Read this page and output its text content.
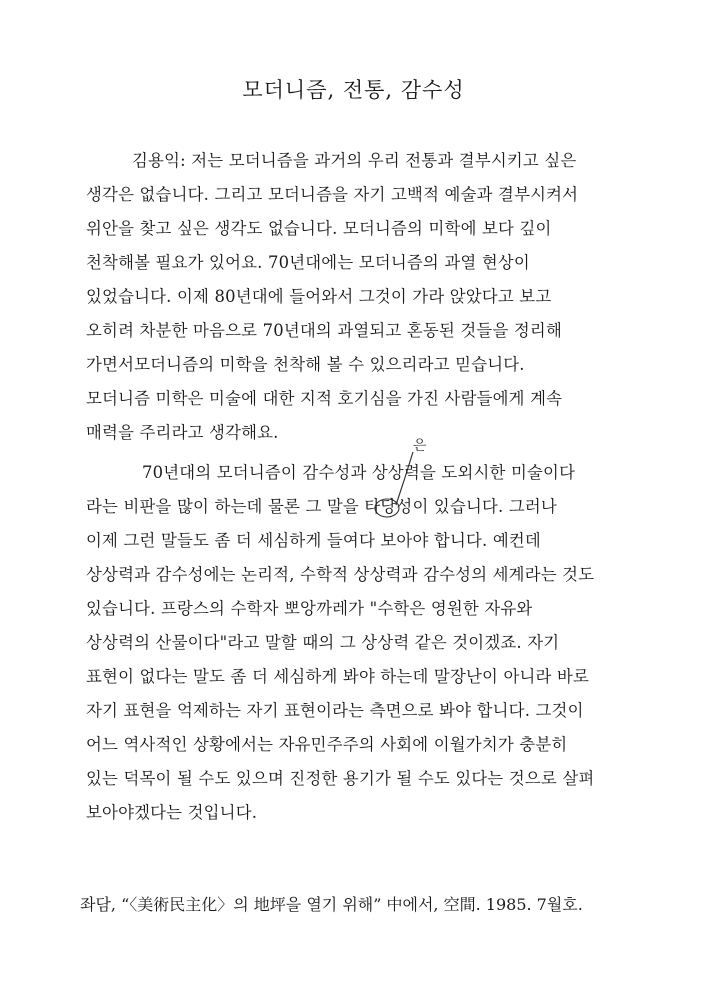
모더니즘, 전통, 감수성

김용익: 저는 모더니즘을 과거의 우리 전통과 결부시키고 싶은

생각은 없습니다. 그리고 모더니즘을 자기 고백적 예술과 결부시켜서

위안을 찾고 싶은 생각도 없습니다. 모더니즘의 미학에 보다 깊이

천착해볼 필요가 있어요. 70년대에는 모더니즘의 과열 현상이

있었습니다. 이제 80년대에 들어와서 그것이 가라 앉았다고 보고

오히려 차분한 마음으로 70년대의 과열되고 혼동된 것들을 정리해

가면서모더니즘의 미학을 천착해 볼 수 있으리라고 믿습니다.

모더니즘 미학은 미술에 대한 지적 호기심을 가진 사람들에게 계속

매력을 주리라고 생각해요.

은

70년대의 모더니즘이 감수성과 상상력을 도외시한 미술이다

라는 비판을 많이 하는데 물론 그 말을 타당성이 있습니다. 그러나

이제 그런 말들도 좀 더 세심하게 들여다 보아야 합니다. 예컨데

상상력과 감수성에는 논리적, 수학적 상상력과 감수성의 세계라는 것도

있습니다. 프랑스의 수학자 뽀앙까레가 "수학은 영원한 자유와

상상력의 산물이다"라고 말할 때의 그 상상력 같은 것이겠죠. 자기

표현이 없다는 말도 좀 더 세심하게 봐야 하는데 말장난이 아니라 바로

자기 표현을 억제하는 자기 표현이라는 측면으로 봐야 합니다. 그것이

어느 역사적인 상황에서는 자유민주주의 사회에 이월가치가 충분히

있는 덕목이 될 수도 있으며 진정한 용기가 될 수도 있다는 것으로 살펴

보아야겠다는 것입니다.

좌담, “〈美術民主化〉의 地坪을 열기 위해” 中에서, 空間. 1985. 7월호.
